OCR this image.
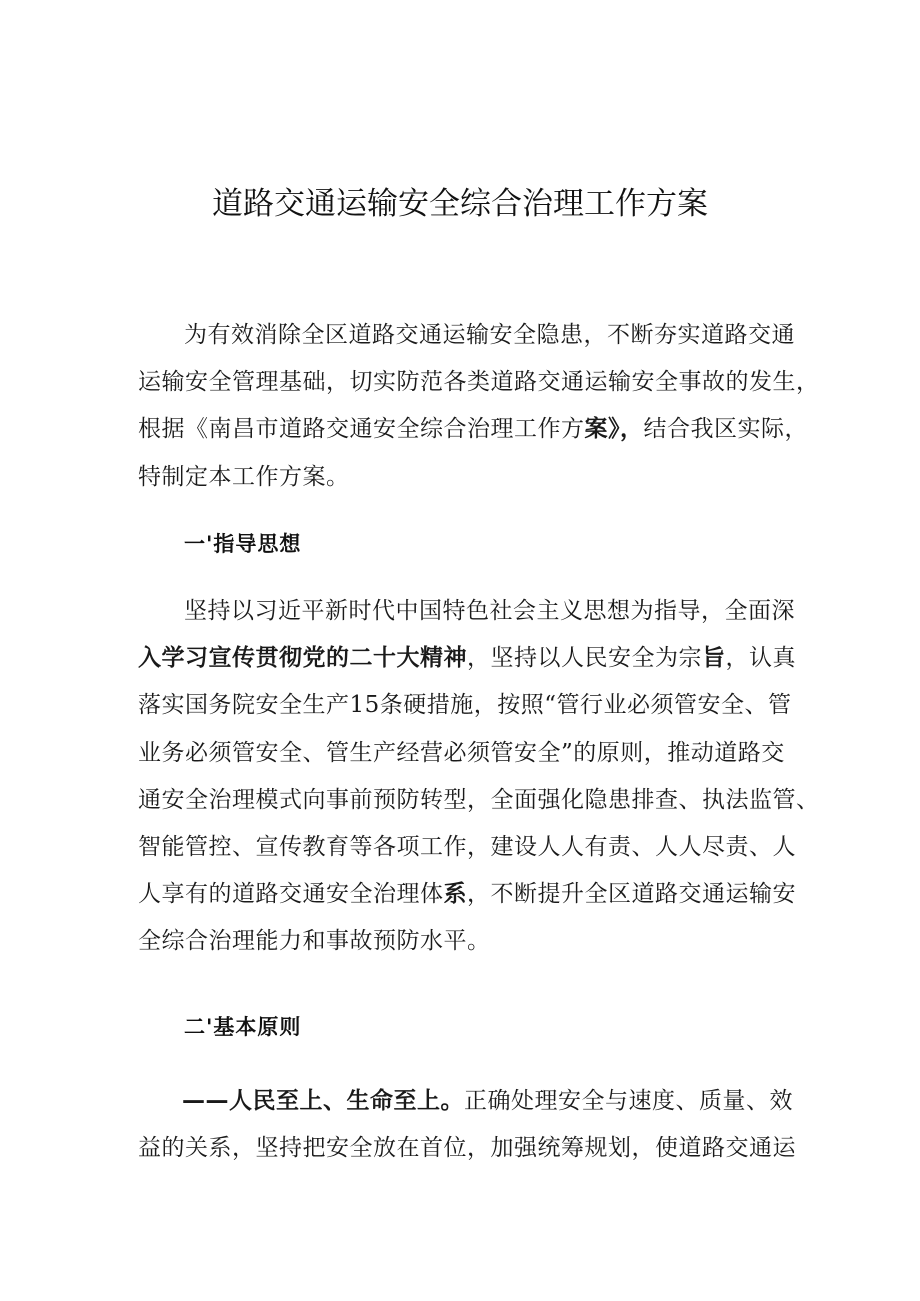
道路交通运输安全综合治理工作方案
为有效消除全区道路交通运输安全隐患，不断夯实道路交通
运输安全管理基础，切实防范各类道路交通运输安全事故的发生，
根据《南昌市道路交通安全综合治理工作方案》，结合我区实际，
特制定本工作方案。
一'指导思想
坚持以习近平新时代中国特色社会主义思想为指导，全面深
入学习宣传贯彻党的二十大精神，坚持以人民安全为宗旨，认真
落实国务院安全生产15条硬措施，按照“管行业必须管安全、管
业务必须管安全、管生产经营必须管安全”的原则，推动道路交
通安全治理模式向事前预防转型，全面强化隐患排查、执法监管、
智能管控、宣传教育等各项工作，建设人人有责、人人尽责、人
人享有的道路交通安全治理体系，不断提升全区道路交通运输安
全综合治理能力和事故预防水平。
二'基本原则
——人民至上、生命至上。正确处理安全与速度、质量、效
益的关系，坚持把安全放在首位，加强统筹规划，使道路交通运
